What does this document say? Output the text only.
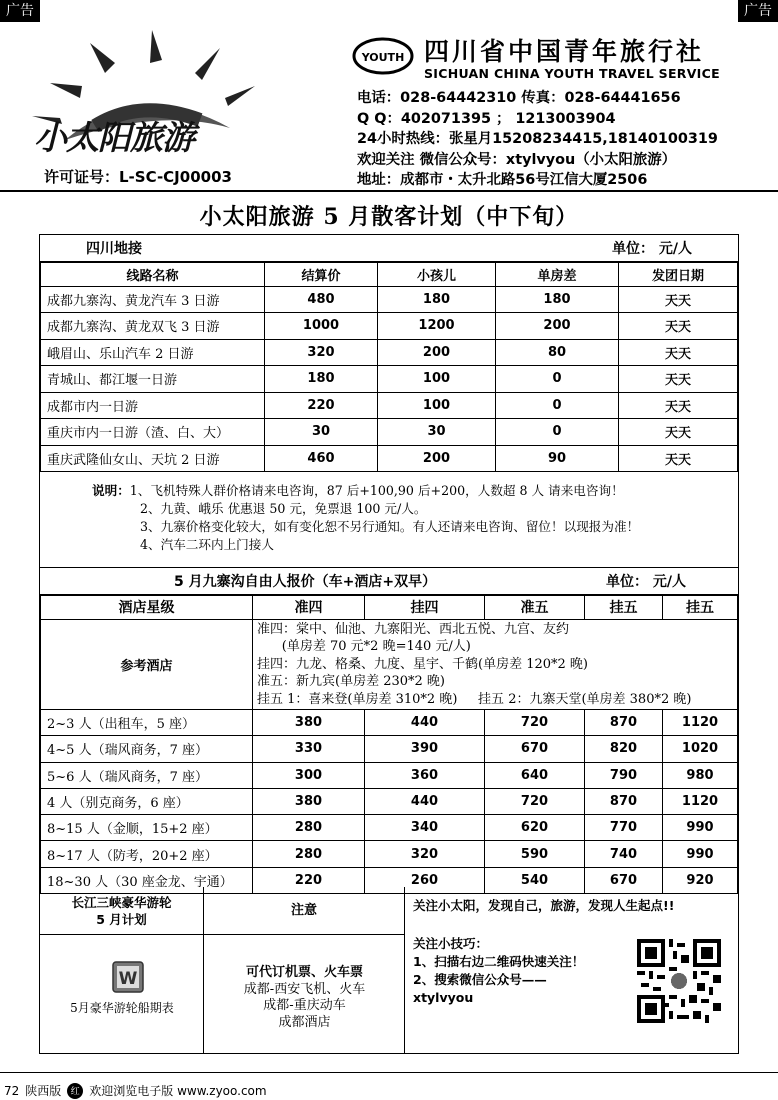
广告	广告
小太阳旅游
许可证号：L-SC-CJ00003
YOUTH 四川省中国青年旅行社
SICHUAN CHINA YOUTH TRAVEL SERVICE
电话：028-64442310 传真：028-64441656
Q Q：402071395 ； 1213003904
24小时热线：张星月15208234415,18140100319
欢迎关注 微信公众号：xtylvyou（小太阳旅游）
地址：成都市・太升北路56号江信大厦2506
小太阳旅游 5 月散客计划（中下旬）
四川地接	单位： 元/人
线路名称	结算价	小孩儿	单房差	发团日期
成都九寨沟、黄龙汽车 3 日游	480	180	180	天天
成都九寨沟、黄龙双飞 3 日游	1000	1200	200	天天
峨眉山、乐山汽车 2 日游	320	200	80	天天
青城山、都江堰一日游	180	100	0	天天
成都市内一日游	220	100	0	天天
重庆市内一日游（渣、白、大）	30	30	0	天天
重庆武隆仙女山、天坑 2 日游	460	200	90	天天
说明：1、飞机特殊人群价格请来电咨询，87 后+100,90 后+200，人数超 8 人 请来电咨询！
2、九黄、峨乐 优惠退 50 元，免票退 100 元/人。
3、九寨价格变化较大，如有变化恕不另行通知。有人还请来电咨询、留位！以现报为准！
4、汽车二环内上门接人
5 月九寨沟自由人报价（车+酒店+双早）	单位： 元/人
酒店星级	准四	挂四	准五	挂五	挂五
参考酒店	准四：棠中、仙池、九寨阳光、西北五悦、九宫、友约
(单房差 70 元*2 晚=140 元/人)
挂四：九龙、格桑、九度、星宇、千鹤(单房差 120*2 晚)
准五：新九宾(单房差 230*2 晚)
挂五 1：喜来登(单房差 310*2 晚)     挂五 2：九寨天堂(单房差 380*2 晚)				

2~3 人（出租车，5 座）	380	440	720	870	1120
4~5 人（瑞风商务，7 座）	330	390	670	820	1020
5~6 人（瑞风商务，7 座）	300	360	640	790	980
4 人（别克商务，6 座）	380	440	720	870	1120
8~15 人（金顺，15+2 座）	280	340	620	770	990
8~17 人（防考，20+2 座）	280	320	590	740	990
18~30 人（30 座金龙、宇通）	220	260	540	670	920
长江三峡豪华游轮
5 月计划
W
5月豪华游轮船期表
注意
可代订机票、火车票
成都-西安飞机、火车
成都-重庆动车
成都酒店
关注小太阳，发现自己，旅游，发现人生起点!!
关注小技巧：
1、扫描右边二维码快速关注！
2、搜索微信公众号——
xtylvyou
72 陕西版	红 欢迎浏览电子版 www.zyoo.com
